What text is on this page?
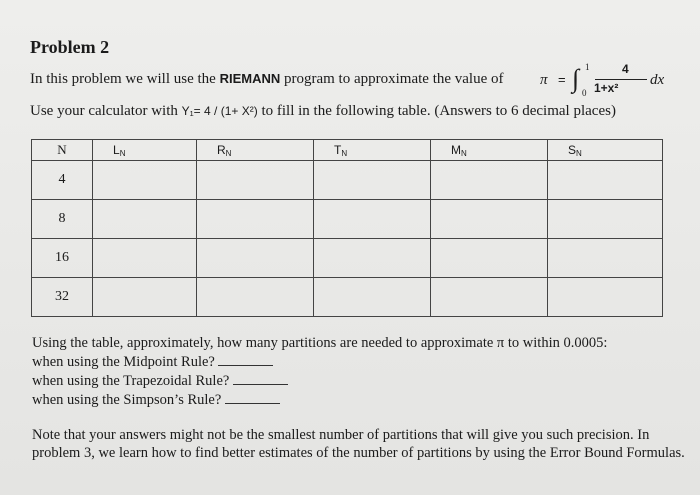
Problem 2
In this problem we will use the RIEMANN program to approximate the value of π = ∫ 1
0
4
1+x² dx
Use your calculator with Y₁= 4 / (1+ X²) to fill in the following table. (Answers to 6 decimal places)
N	LN	RN	TN	MN	SN
4					
8					
16					
32					
Using the table, approximately, how many partitions are needed to approximate π to within 0.0005:
when using the Midpoint Rule?
when using the Trapezoidal Rule?
when using the Simpson’s Rule?
Note that your answers might not be the smallest number of partitions that will give you such precision. In problem 3, we learn how to find better estimates of the number of partitions by using the Error Bound Formulas.
